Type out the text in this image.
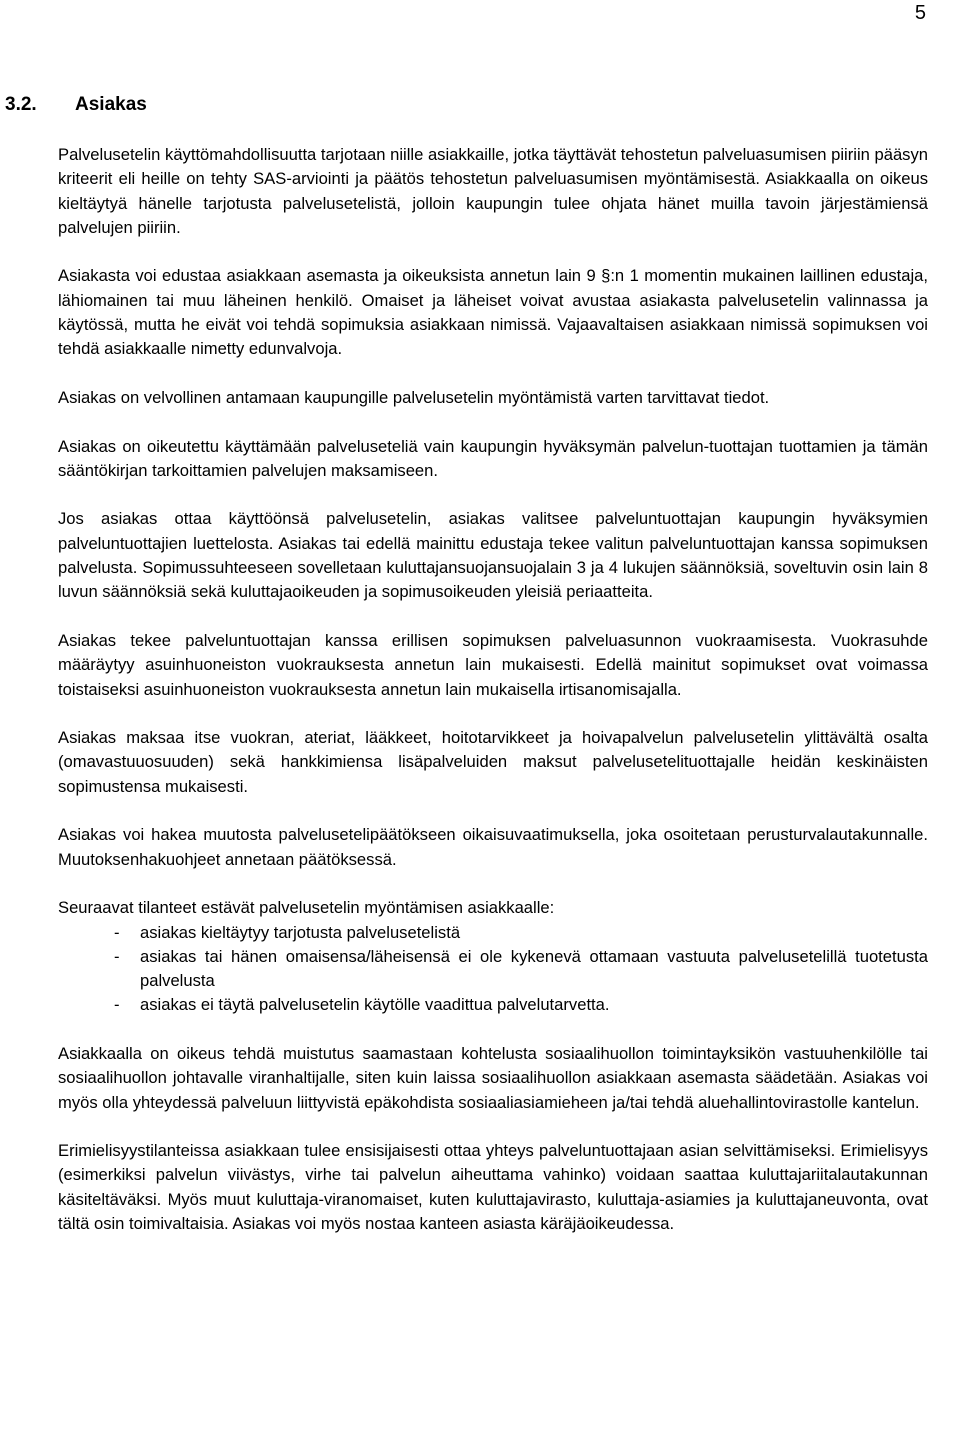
5
3.2. Asiakas

Palvelusetelin käyttömahdollisuutta tarjotaan niille asiakkaille, jotka täyttävät tehostetun palveluasumisen piiriin pääsyn kriteerit eli heille on tehty SAS-arviointi ja päätös tehostetun palveluasumisen myöntämisestä. Asiakkaalla on oikeus kieltäytyä hänelle tarjotusta palvelusetelistä, jolloin kaupungin tulee ohjata hänet muilla tavoin järjestämiensä palvelujen piiriin.

Asiakasta voi edustaa asiakkaan asemasta ja oikeuksista annetun lain 9 §:n 1 momentin mukainen laillinen edustaja, lähiomainen tai muu läheinen henkilö. Omaiset ja läheiset voivat avustaa asiakasta palvelusetelin valinnassa ja käytössä, mutta he eivät voi tehdä sopimuksia asiakkaan nimissä. Vajaavaltaisen asiakkaan nimissä sopimuksen voi tehdä asiakkaalle nimetty edunvalvoja.

Asiakas on velvollinen antamaan kaupungille palvelusetelin myöntämistä varten tarvittavat tiedot.

Asiakas on oikeutettu käyttämään palveluseteliä vain kaupungin hyväksymän palvelun-tuottajan tuottamien ja tämän sääntökirjan tarkoittamien palvelujen maksamiseen.

Jos asiakas ottaa käyttöönsä palvelusetelin, asiakas valitsee palveluntuottajan kaupungin hyväksymien palveluntuottajien luettelosta. Asiakas tai edellä mainittu edustaja tekee valitun palveluntuottajan kanssa sopimuksen palvelusta. Sopimussuhteeseen sovelletaan kuluttajansuojansuojalain 3 ja 4 lukujen säännöksiä, soveltuvin osin lain 8 luvun säännöksiä sekä kuluttajaoikeuden ja sopimusoikeuden yleisiä periaatteita.

Asiakas tekee palveluntuottajan kanssa erillisen sopimuksen palveluasunnon vuokraamisesta. Vuokrasuhde määräytyy asuinhuoneiston vuokrauksesta annetun lain mukaisesti. Edellä mainitut sopimukset ovat voimassa toistaiseksi asuinhuoneiston vuokrauksesta annetun lain mukaisella irtisanomisajalla.

Asiakas maksaa itse vuokran, ateriat, lääkkeet, hoitotarvikkeet ja hoivapalvelun palvelusetelin ylittävältä osalta (omavastuuosuuden) sekä hankkimiensa lisäpalveluiden maksut palvelusetelituottajalle heidän keskinäisten sopimustensa mukaisesti.

Asiakas voi hakea muutosta palvelusetelipäätökseen oikaisuvaatimuksella, joka osoitetaan perusturvalautakunnalle. Muutoksenhakuohjeet annetaan päätöksessä.

Seuraavat tilanteet estävät palvelusetelin myöntämisen asiakkaalle:

- asiakas kieltäytyy tarjotusta palvelusetelistä
- asiakas tai hänen omaisensa/läheisensä ei ole kykenevä ottamaan vastuuta palvelusetelillä tuotetusta palvelusta
- asiakas ei täytä palvelusetelin käytölle vaadittua palvelutarvetta.

Asiakkaalla on oikeus tehdä muistutus saamastaan kohtelusta sosiaalihuollon toimintayksikön vastuuhenkilölle tai sosiaalihuollon johtavalle viranhaltijalle, siten kuin laissa sosiaalihuollon asiakkaan asemasta säädetään. Asiakas voi myös olla yhteydessä palveluun liittyvistä epäkohdista sosiaaliasiamieheen ja/tai tehdä aluehallintovirastolle kantelun.

Erimielisyystilanteissa asiakkaan tulee ensisijaisesti ottaa yhteys palveluntuottajaan asian selvittämiseksi. Erimielisyys (esimerkiksi palvelun viivästys, virhe tai palvelun aiheuttama vahinko) voidaan saattaa kuluttajariitalautakunnan käsiteltäväksi. Myös muut kuluttaja-viranomaiset, kuten kuluttajavirasto, kuluttaja-asiamies ja kuluttajaneuvonta, ovat tältä osin toimivaltaisia. Asiakas voi myös nostaa kanteen asiasta käräjäoikeudessa.
